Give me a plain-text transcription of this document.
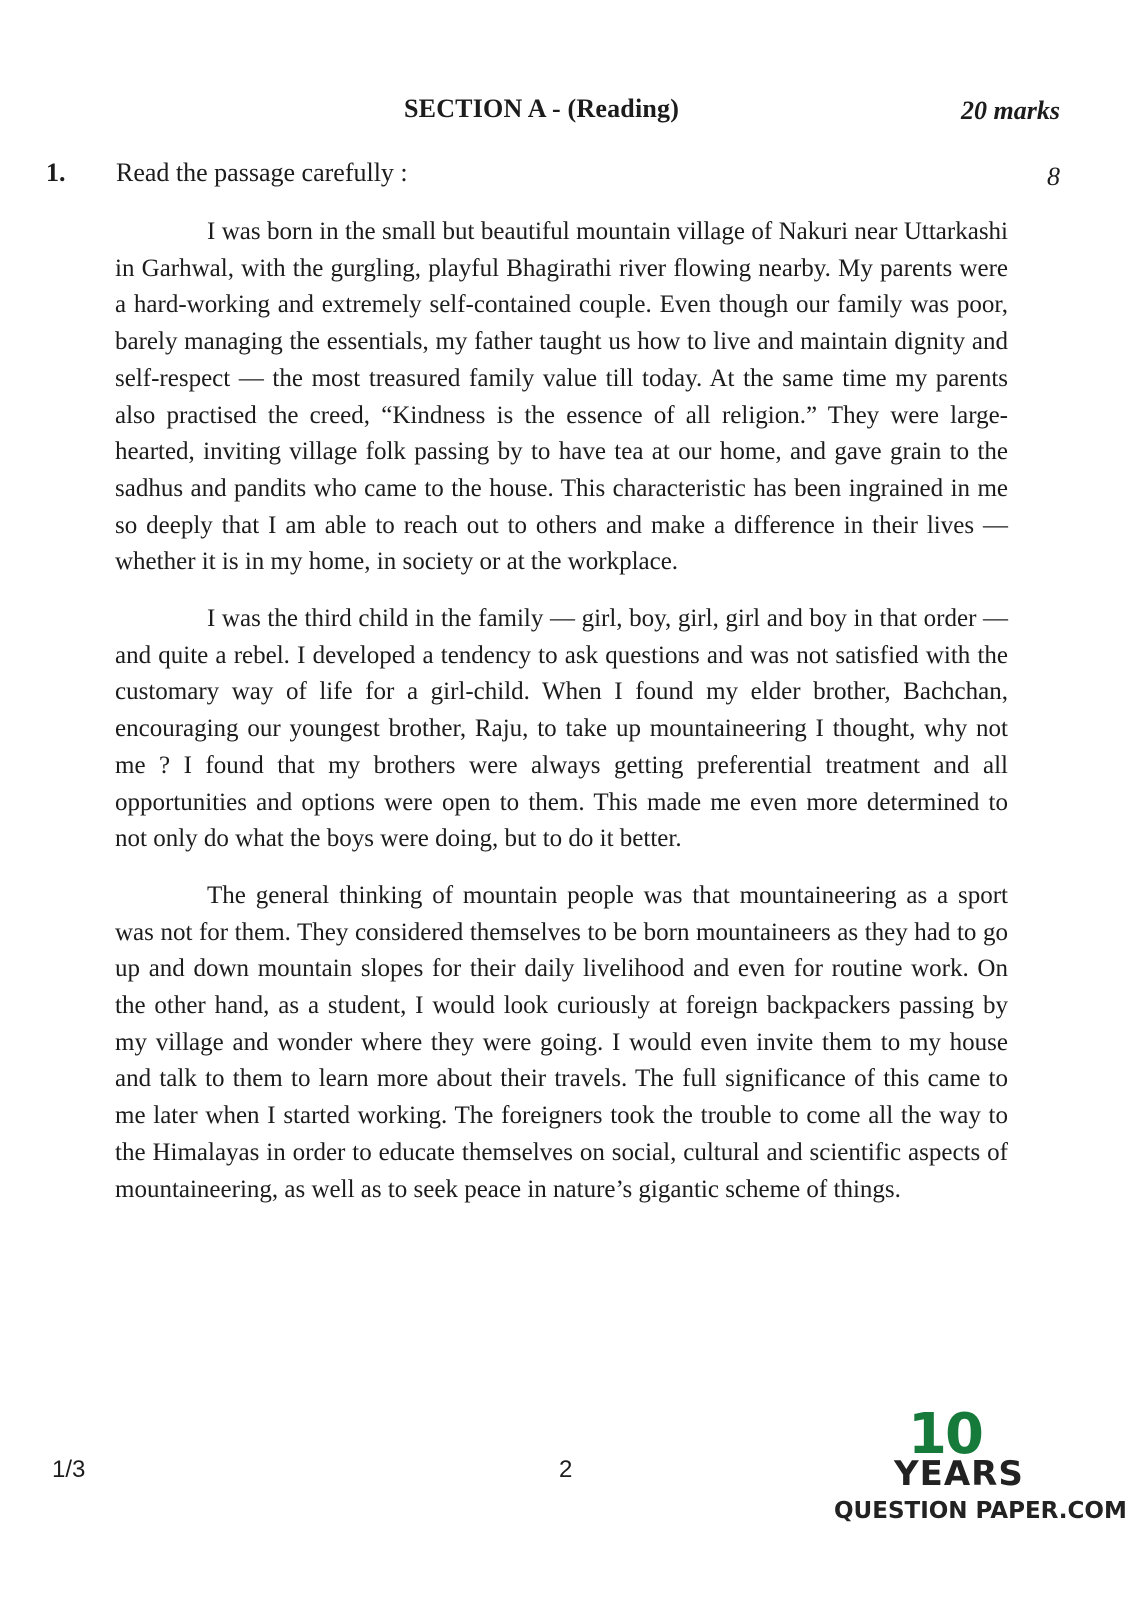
SECTION A - (Reading)	20 marks
1. Read the passage carefully :	8

I was born in the small but beautiful mountain village of Nakuri near Uttarkashi in Garhwal, with the gurgling, playful Bhagirathi river flowing nearby. My parents were a hard-working and extremely self-contained couple. Even though our family was poor, barely managing the essentials, my father taught us how to live and maintain dignity and self-respect — the most treasured family value till today. At the same time my parents also practised the creed, “Kindness is the essence of all religion.” They were large-hearted, inviting village folk passing by to have tea at our home, and gave grain to the sadhus and pandits who came to the house. This characteristic has been ingrained in me so deeply that I am able to reach out to others and make a difference in their lives — whether it is in my home, in society or at the workplace.

I was the third child in the family — girl, boy, girl, girl and boy in that order — and quite a rebel. I developed a tendency to ask questions and was not satisfied with the customary way of life for a girl-child. When I found my elder brother, Bachchan, encouraging our youngest brother, Raju, to take up mountaineering I thought, why not me ? I found that my brothers were always getting preferential treatment and all opportunities and options were open to them. This made me even more determined to not only do what the boys were doing, but to do it better.

The general thinking of mountain people was that mountaineering as a sport was not for them. They considered themselves to be born mountaineers as they had to go up and down mountain slopes for their daily livelihood and even for routine work. On the other hand, as a student, I would look curiously at foreign backpackers passing by my village and wonder where they were going. I would even invite them to my house and talk to them to learn more about their travels. The full significance of this came to me later when I started working. The foreigners took the trouble to come all the way to the Himalayas in order to educate themselves on social, cultural and scientific aspects of mountaineering, as well as to seek peace in nature’s gigantic scheme of things.

1/3	2
10
YEARS
QUESTION PAPER.COM
